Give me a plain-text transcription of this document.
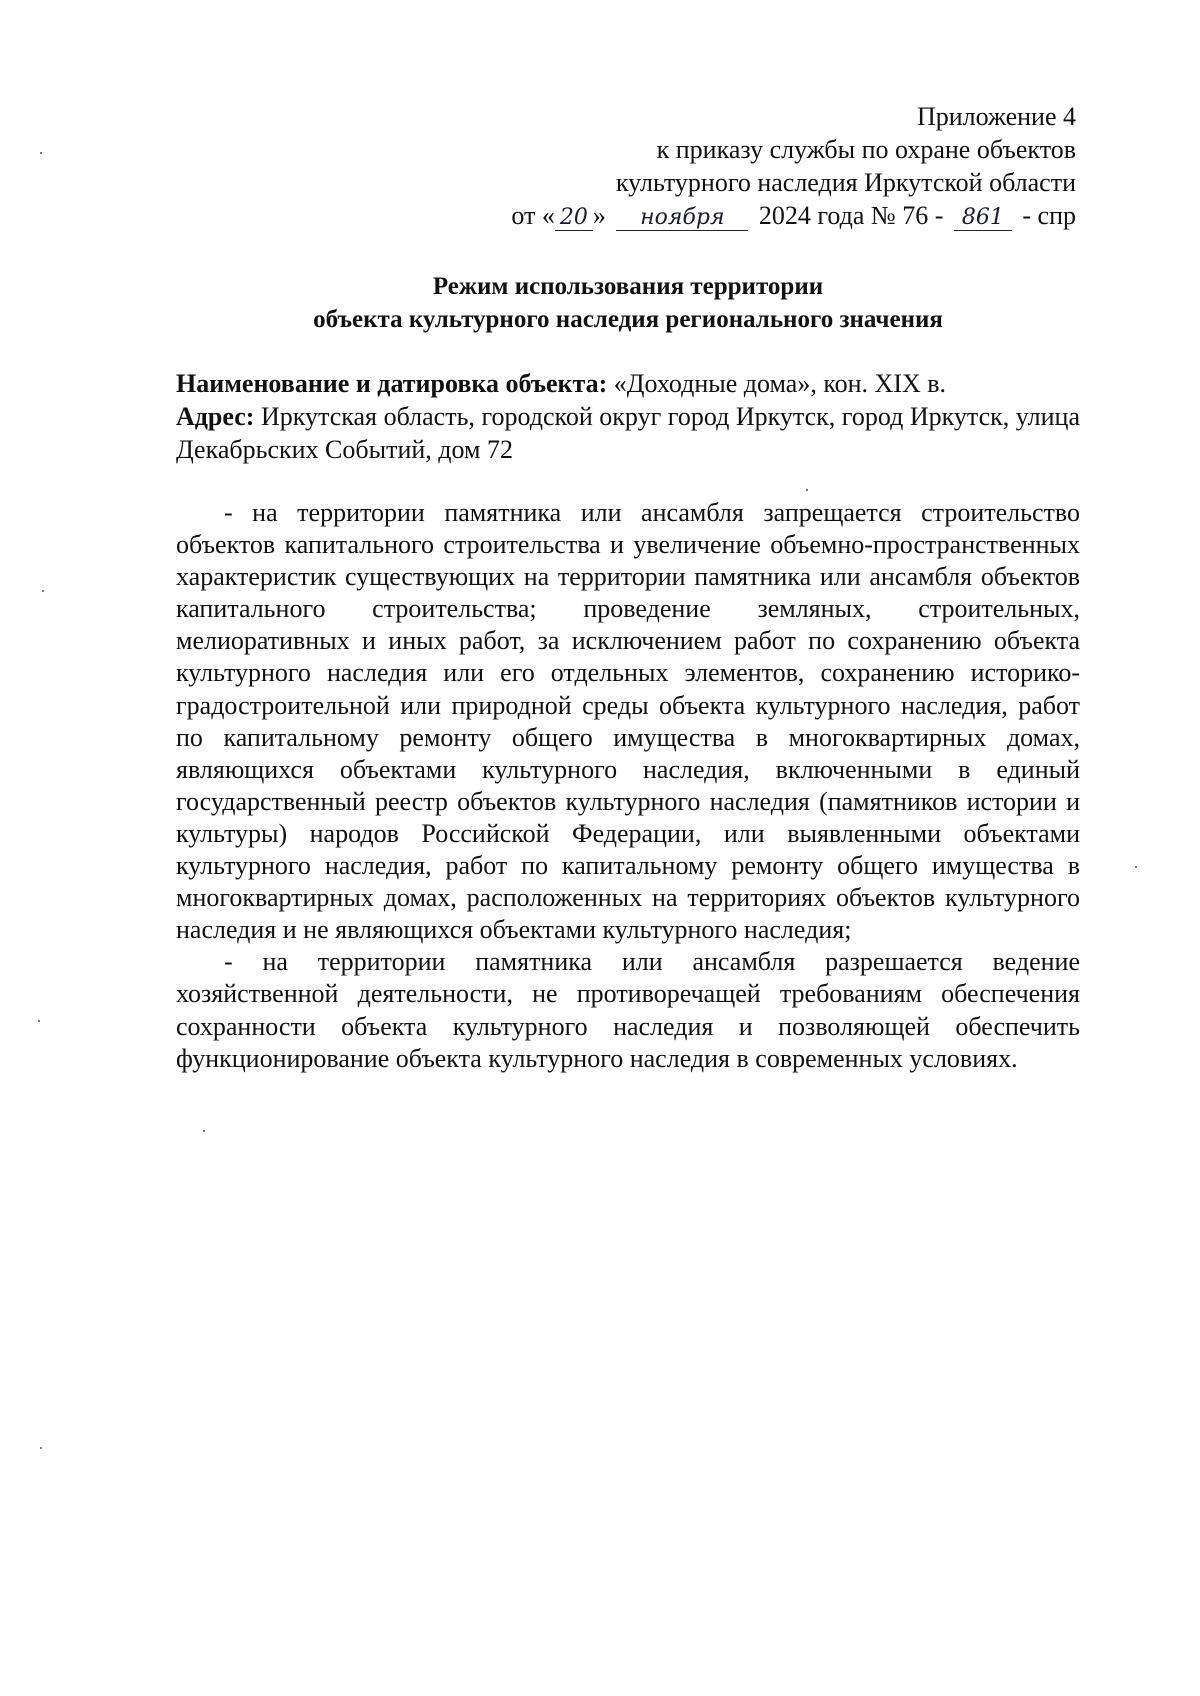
Приложение 4
к приказу службы по охране объектов
культурного наследия Иркутской области
от « 20 » ноября 2024 года № 76 - 861 - спр
Режим использования территории
объекта культурного наследия регионального значения

Наименование и датировка объекта: «Доходные дома», кон. XIX в.

Адрес: Иркутская область, городской округ город Иркутск, город Иркутск, улица Декабрьских Событий, дом 72

- на территории памятника или ансамбля запрещается строительство объектов капитального строительства и увеличение объемно-пространственных характеристик существующих на территории памятника или ансамбля объектов капитального строительства; проведение земляных, строительных, мелиоративных и иных работ, за исключением работ по сохранению объекта культурного наследия или его отдельных элементов, сохранению историко-градостроительной или природной среды объекта культурного наследия, работ по капитальному ремонту общего имущества в многоквартирных домах, являющихся объектами культурного наследия, включенными в единый государственный реестр объектов культурного наследия (памятников истории и культуры) народов Российской Федерации, или выявленными объектами культурного наследия, работ по капитальному ремонту общего имущества в многоквартирных домах, расположенных на территориях объектов культурного наследия и не являющихся объектами культурного наследия;

- на территории памятника или ансамбля разрешается ведение хозяйственной деятельности, не противоречащей требованиям обеспечения сохранности объекта культурного наследия и позволяющей обеспечить функционирование объекта культурного наследия в современных условиях.
